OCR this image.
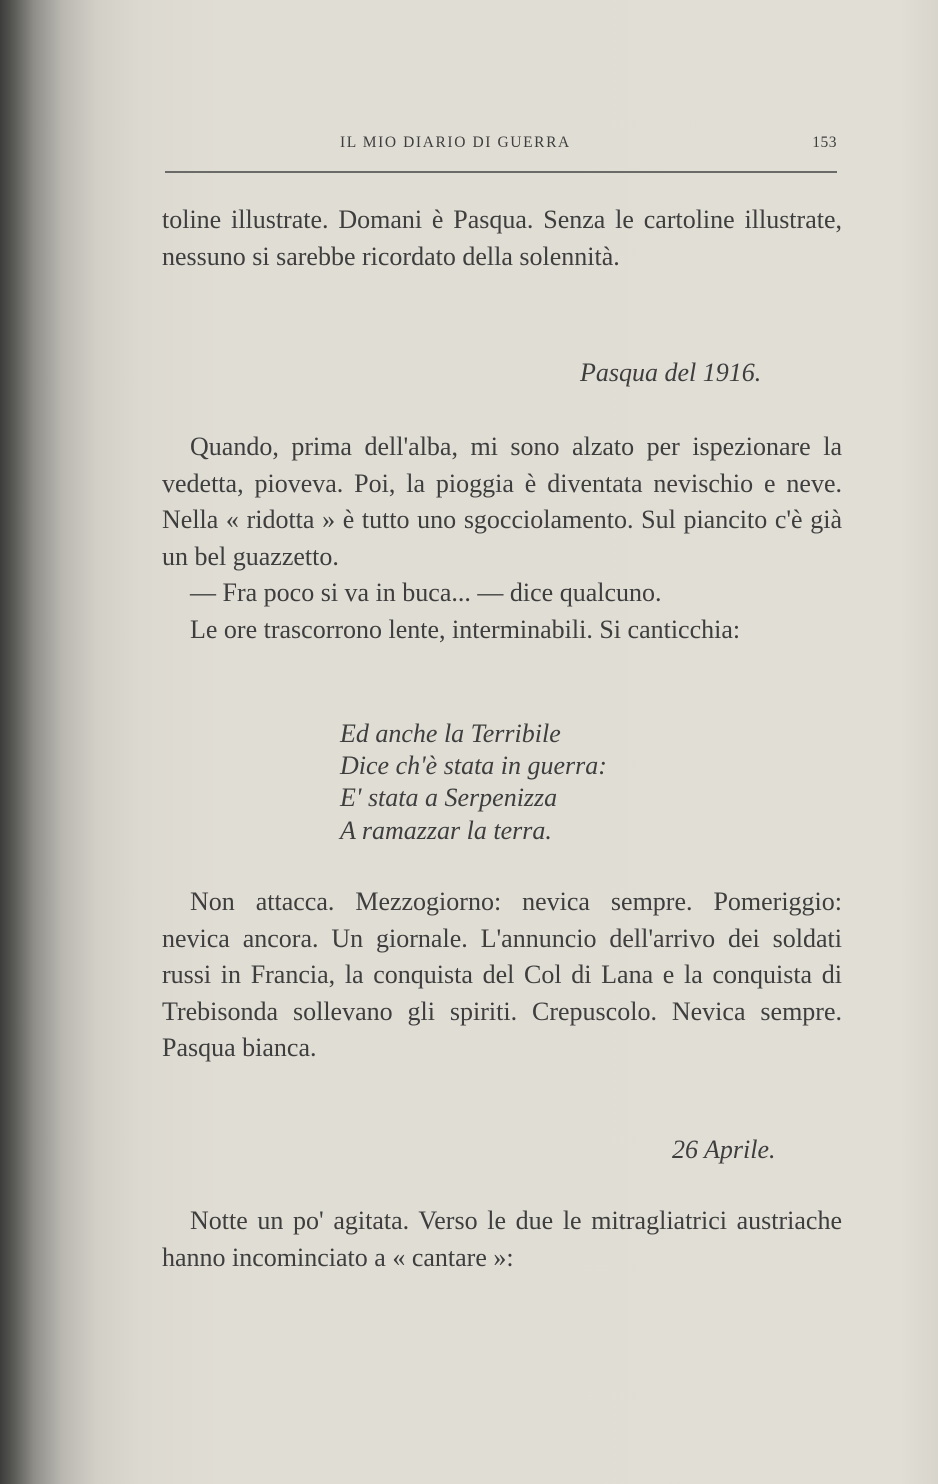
IL MIO DIARIO DI GUERRA	153

toline illustrate. Domani è Pasqua. Senza le cartoline illustrate, nessuno si sarebbe ricordato della solennità.

Pasqua del 1916.

Quando, prima dell'alba, mi sono alzato per ispezionare la vedetta, pioveva. Poi, la pioggia è diventata nevischio e neve. Nella « ridotta » è tutto uno sgocciolamento. Sul piancito c'è già un bel guazzetto.

— Fra poco si va in buca... — dice qualcuno.

Le ore trascorrono lente, interminabili. Si canticchia:

Ed anche la Terribile
Dice ch'è stata in guerra:
E' stata a Serpenizza
A ramazzar la terra.

Non attacca. Mezzogiorno: nevica sempre. Pomeriggio: nevica ancora. Un giornale. L'annuncio dell'arrivo dei soldati russi in Francia, la conquista del Col di Lana e la conquista di Trebisonda sollevano gli spiriti. Crepuscolo. Nevica sempre. Pasqua bianca.

26 Aprile.

Notte un po' agitata. Verso le due le mitragliatrici austriache hanno incominciato a « cantare »:
